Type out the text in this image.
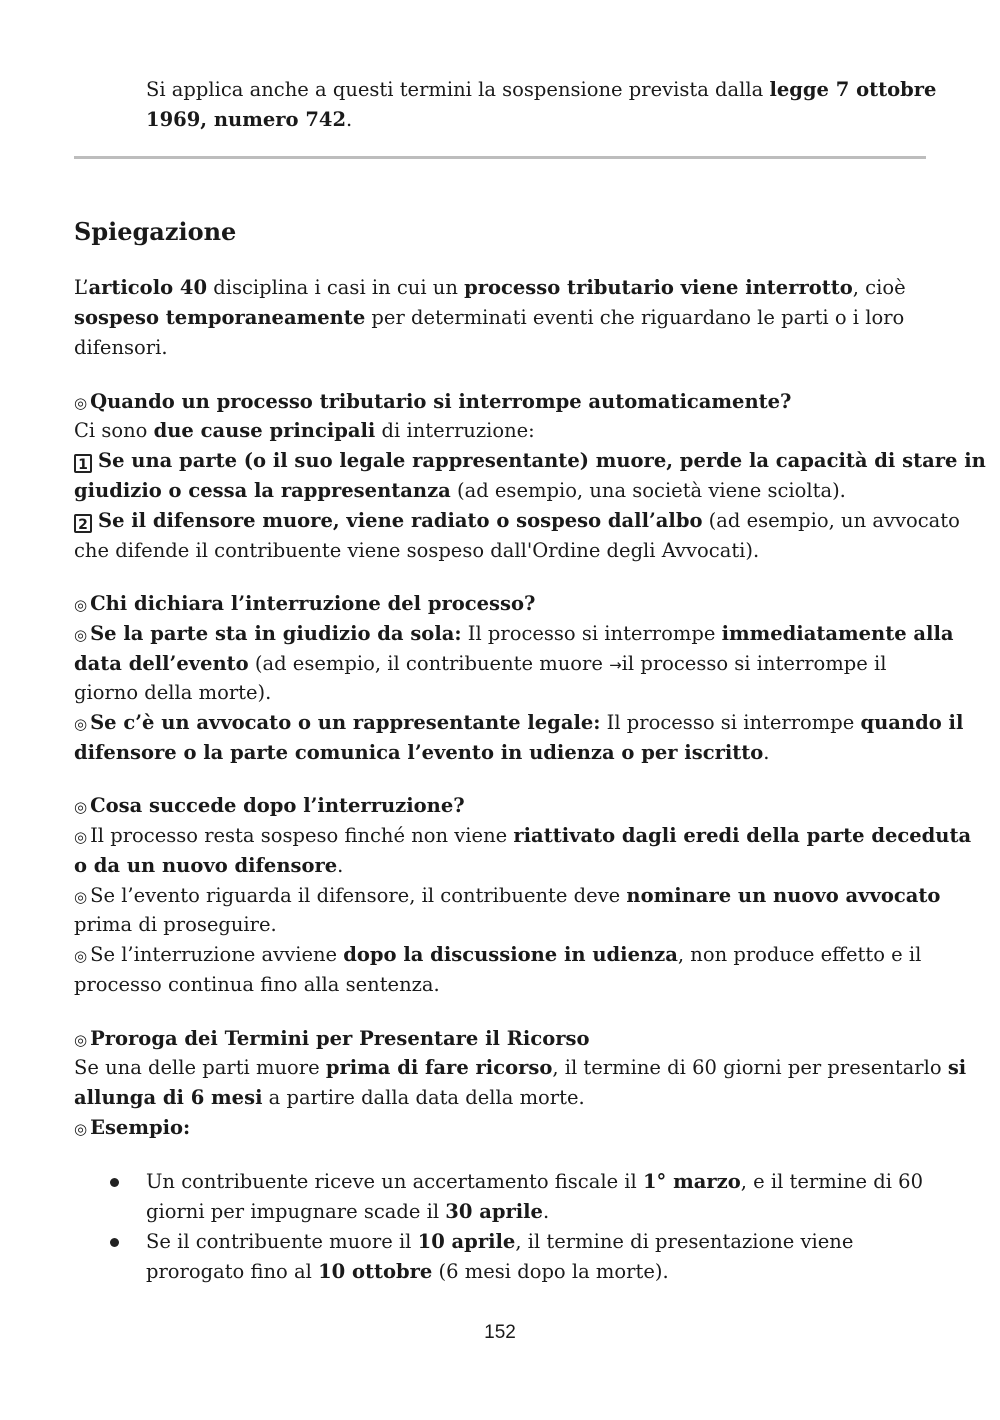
Si applica anche a questi termini la sospensione prevista dalla legge 7 ottobre
1969, numero 742.
Spiegazione
L’articolo 40 disciplina i casi in cui un processo tributario viene interrotto, cioè
sospeso temporaneamente per determinati eventi che riguardano le parti o i loro
difensori.
◎ Quando un processo tributario si interrompe automaticamente?
Ci sono due cause principali di interruzione:
1 Se una parte (o il suo legale rappresentante) muore, perde la capacità di stare in
giudizio o cessa la rappresentanza (ad esempio, una società viene sciolta).
2 Se il difensore muore, viene radiato o sospeso dall’albo (ad esempio, un avvocato
che difende il contribuente viene sospeso dall'Ordine degli Avvocati).
◎ Chi dichiara l’interruzione del processo?
◎ Se la parte sta in giudizio da sola: Il processo si interrompe immediatamente alla
data dell’evento (ad esempio, il contribuente muore →il processo si interrompe il
giorno della morte).
◎ Se c’è un avvocato o un rappresentante legale: Il processo si interrompe quando il
difensore o la parte comunica l’evento in udienza o per iscritto.
◎ Cosa succede dopo l’interruzione?
◎ Il processo resta sospeso finché non viene riattivato dagli eredi della parte deceduta
o da un nuovo difensore.
◎ Se l’evento riguarda il difensore, il contribuente deve nominare un nuovo avvocato
prima di proseguire.
◎ Se l’interruzione avviene dopo la discussione in udienza, non produce effetto e il
processo continua fino alla sentenza.
◎ Proroga dei Termini per Presentare il Ricorso
Se una delle parti muore prima di fare ricorso, il termine di 60 giorni per presentarlo si
allunga di 6 mesi a partire dalla data della morte.
◎ Esempio:
Un contribuente riceve un accertamento fiscale il 1° marzo, e il termine di 60
giorni per impugnare scade il 30 aprile.
Se il contribuente muore il 10 aprile, il termine di presentazione viene
prorogato fino al 10 ottobre (6 mesi dopo la morte).
152
